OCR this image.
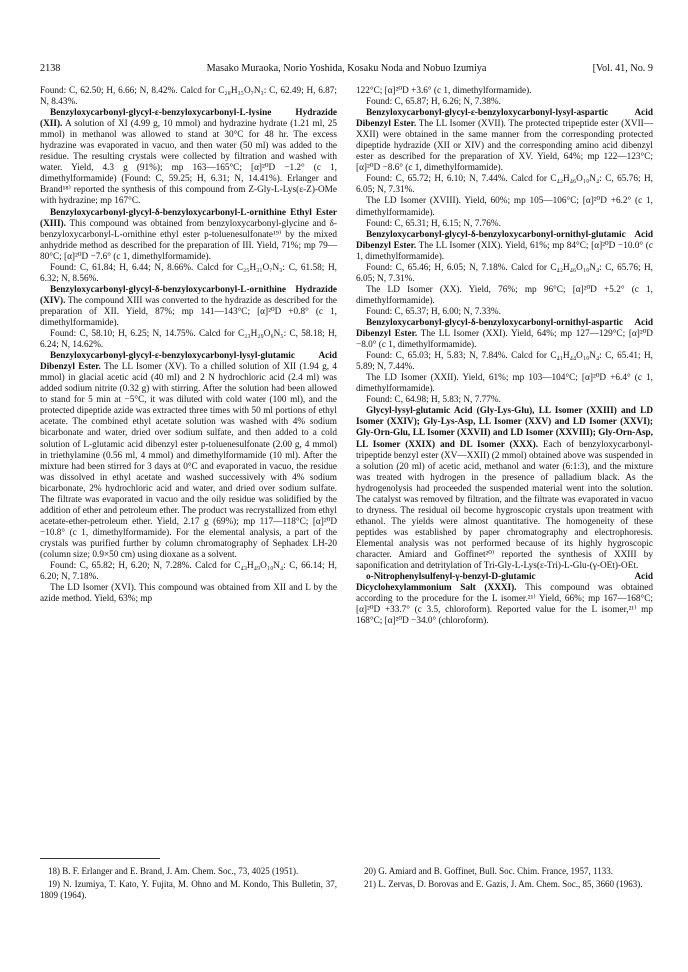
2138	Masako Muraoka, Norio Yoshida, Kosaku Noda and Nobuo Izumiya	[Vol. 41, No. 9

Found: C, 62.50; H, 6.66; N, 8.42%. Calcd for C₂₈H₃₅O₇N₃: C, 62.49; H, 6.87; N, 8.43%.

Benzyloxycarbonyl-glycyl-ε-benzyloxycarbonyl-L-lysine Hydrazide (XII). A solution of XI (4.99 g, 10 mmol) and hydrazine hydrate (1.21 ml, 25 mmol) in methanol was allowed to stand at 30°C for 48 hr. The excess hydrazine was evaporated in vacuo, and then water (50 ml) was added to the residue. The resulting crystals were collected by filtration and washed with water. Yield, 4.3 g (91%); mp 163—165°C; [α]²⁰D −1.2° (c 1, dimethylformamide) (Found: C, 59.25; H, 6.31; N, 14.41%). Erlanger and Brand¹⁸⁾ reported the synthesis of this compound from Z-Gly-L-Lys(ε-Z)-OMe with hydrazine; mp 167°C.

Benzyloxycarbonyl-glycyl-δ-benzyloxycarbonyl-L-ornithine Ethyl Ester (XIII). This compound was obtained from benzyloxycarbonyl-glycine and δ-benzyloxycarbonyl-L-ornithine ethyl ester p-toluenesulfonate¹⁹⁾ by the mixed anhydride method as described for the preparation of III. Yield, 71%; mp 79—80°C; [α]²⁰D −7.6° (c 1, dimethylformamide).

Found: C, 61.84; H, 6.44; N, 8.66%. Calcd for C₂₅H₃₁O₇N₃: C, 61.58; H, 6.32; N, 8.56%.

Benzyloxycarbonyl-glycyl-δ-benzyloxycarbonyl-L-ornithine Hydrazide (XIV). The compound XIII was converted to the hydrazide as described for the preparation of XII. Yield, 87%; mp 141—143°C; [α]²⁰D +0.8° (c 1, dimethylformamide).

Found: C, 58.10; H, 6.25; N, 14.75%. Calcd for C₂₃H₂₉O₆N₅: C, 58.18; H, 6.24; N, 14.62%.

Benzyloxycarbonyl-glycyl-ε-benzyloxycarbonyl-lysyl-glutamic Acid Dibenzyl Ester. The LL Isomer (XV). To a chilled solution of XII (1.94 g, 4 mmol) in glacial acetic acid (40 ml) and 2 N hydrochloric acid (2.4 ml) was added sodium nitrite (0.32 g) with stirring. After the solution had been allowed to stand for 5 min at −5°C, it was diluted with cold water (100 ml), and the protected dipeptide azide was extracted three times with 50 ml portions of ethyl acetate. The combined ethyl acetate solution was washed with 4% sodium bicarbonate and water, dried over sodium sulfate, and then added to a cold solution of L-glutamic acid dibenzyl ester p-toluenesulfonate (2.00 g, 4 mmol) in triethylamine (0.56 ml, 4 mmol) and dimethylformamide (10 ml). After the mixture had been stirred for 3 days at 0°C and evaporated in vacuo, the residue was dissolved in ethyl acetate and washed successively with 4% sodium bicarbonate, 2% hydrochloric acid and water, and dried over sodium sulfate. The filtrate was evaporated in vacuo and the oily residue was solidified by the addition of ether and petroleum ether. The product was recrystallized from ethyl acetate-ether-petroleum ether. Yield, 2.17 g (69%); mp 117—118°C; [α]²⁰D −10.8° (c 1, dimethylformamide). For the elemental analysis, a part of the crystals was purified further by column chromatography of Sephadex LH-20 (column size; 0.9×50 cm) using dioxane as a solvent.

Found: C, 65.82; H, 6.20; N, 7.28%. Calcd for C₄₃H₄₉O₁₀N₄: C, 66.14; H, 6.20; N, 7.18%.

The LD Isomer (XVI). This compound was obtained from XII and L by the azide method. Yield, 63%; mp

122°C; [α]²⁰D +3.6° (c 1, dimethylformamide).

Found: C, 65.87; H, 6.26; N, 7.38%.

Benzyloxycarbonyl-glycyl-ε-benzyloxycarbonyl-lysyl-aspartic Acid Dibenzyl Ester. The LL Isomer (XVII). The protected tripeptide ester (XVII—XXII) were obtained in the same manner from the corresponding protected dipeptide hydrazide (XII or XIV) and the corresponding amino acid dibenzyl ester as described for the preparation of XV. Yield, 64%; mp 122—123°C; [α]²⁰D −8.6° (c 1, dimethylformamide).

Found: C, 65.72; H, 6.10; N, 7.44%. Calcd for C₄₂H₄₆O₁₀N₄: C, 65.76; H, 6.05; N, 7.31%.

The LD Isomer (XVIII). Yield, 60%; mp 105—106°C; [α]²⁰D +6.2° (c 1, dimethylformamide).

Found: C, 65.31; H, 6.15; N, 7.76%.

Benzyloxycarbonyl-glycyl-δ-benzyloxycarbonyl-ornithyl-glutamic Acid Dibenzyl Ester. The LL Isomer (XIX). Yield, 61%; mp 84°C; [α]²⁰D −10.0° (c 1, dimethylformamide).

Found: C, 65.46; H, 6.05; N, 7.18%. Calcd for C₄₂H₄₆O₁₀N₄: C, 65.76; H, 6.05; N, 7.31%.

The LD Isomer (XX). Yield, 76%; mp 96°C; [α]²⁰D +5.2° (c 1, dimethylformamide).

Found: C, 65.37; H, 6.00; N, 7.33%.

Benzyloxycarbonyl-glycyl-δ-benzyloxycarbonyl-ornithyl-aspartic Acid Dibenzyl Ester. The LL Isomer (XXI). Yield, 64%; mp 127—129°C; [α]²⁰D −8.0° (c 1, dimethylformamide).

Found: C, 65.03; H, 5.83; N, 7.84%. Calcd for C₄₁H₄₄O₁₀N₄: C, 65.41; H, 5.89; N, 7.44%.

The LD Isomer (XXII). Yield, 61%; mp 103—104°C; [α]²⁰D +6.4° (c 1, dimethylformamide).

Found: C, 64.98; H, 5.83; N, 7.77%.

Glycyl-lysyl-glutamic Acid (Gly-Lys-Glu), LL Isomer (XXIII) and LD Isomer (XXIV); Gly-Lys-Asp, LL Isomer (XXV) and LD Isomer (XXVI); Gly-Orn-Glu, LL Isomer (XXVII) and LD Isomer (XXVIII); Gly-Orn-Asp, LL Isomer (XXIX) and DL Isomer (XXX). Each of benzyloxycarbonyl-tripeptide benzyl ester (XV—XXII) (2 mmol) obtained above was suspended in a solution (20 ml) of acetic acid, methanol and water (6:1:3), and the mixture was treated with hydrogen in the presence of palladium black. As the hydrogenolysis had proceeded the suspended material went into the solution. The catalyst was removed by filtration, and the filtrate was evaporated in vacuo to dryness. The residual oil become hygroscopic crystals upon treatment with ethanol. The yields were almost quantitative. The homogeneity of these peptides was established by paper chromatography and electrophoresis. Elemental analysis was not performed because of its highly hygroscopic character. Amiard and Goffinet²⁰⁾ reported the synthesis of XXIII by saponification and detritylation of Tri-Gly-L-Lys(ε-Tri)-L-Glu-(γ-OEt)-OEt.

o-Nitrophenylsulfenyl-γ-benzyl-D-glutamic Acid Dicyclohexylammonium Salt (XXXI). This compound was obtained according to the procedure for the L isomer.²¹⁾ Yield, 66%; mp 167—168°C; [α]²⁰D +33.7° (c 3.5, chloroform). Reported value for the L isomer,²¹⁾ mp 168°C; [α]²⁰D −34.0° (chloroform).

18) B. F. Erlanger and E. Brand, J. Am. Chem. Soc., 73, 4025 (1951).

19) N. Izumiya, T. Kato, Y. Fujita, M. Ohno and M. Kondo, This Bulletin, 37, 1809 (1964).

20) G. Amiard and B. Goffinet, Bull. Soc. Chim. France, 1957, 1133.

21) L. Zervas, D. Borovas and E. Gazis, J. Am. Chem. Soc., 85, 3660 (1963).
